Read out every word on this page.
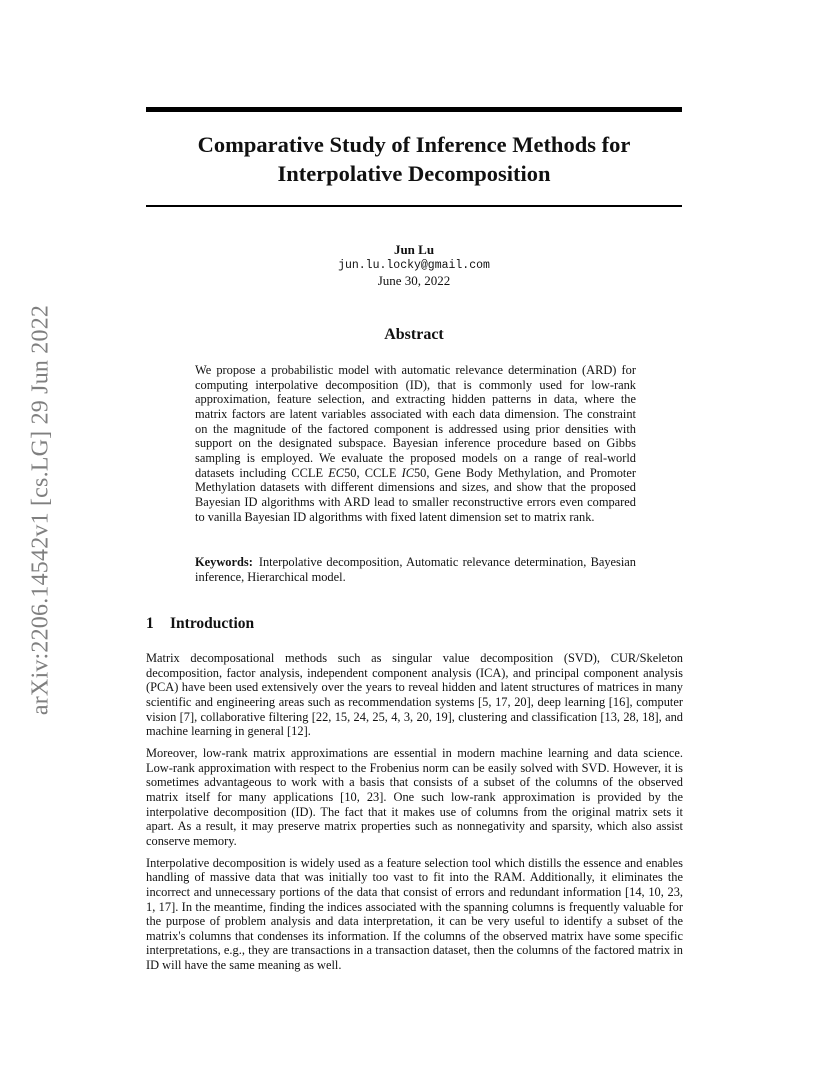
arXiv:2206.14542v1 [cs.LG] 29 Jun 2022
Comparative Study of Inference Methods for
Interpolative Decomposition
Jun Lu
jun.lu.locky@gmail.com
June 30, 2022
Abstract
We propose a probabilistic model with automatic relevance determination (ARD) for computing interpolative decomposition (ID), that is commonly used for low-rank approximation, feature selection, and extracting hidden patterns in data, where the matrix factors are latent variables associated with each data dimension. The constraint on the magnitude of the factored component is addressed using prior densities with support on the designated subspace. Bayesian inference procedure based on Gibbs sampling is employed. We evaluate the proposed models on a range of real-world datasets including CCLE EC50, CCLE IC50, Gene Body Methylation, and Promoter Methylation datasets with different dimensions and sizes, and show that the proposed Bayesian ID algorithms with ARD lead to smaller reconstructive errors even compared to vanilla Bayesian ID algorithms with fixed latent dimension set to matrix rank.
Keywords: Interpolative decomposition, Automatic relevance determination, Bayesian inference, Hierarchical model.
1 Introduction

Matrix decomposational methods such as singular value decomposition (SVD), CUR/Skeleton decomposition, factor analysis, independent component analysis (ICA), and principal component analysis (PCA) have been used extensively over the years to reveal hidden and latent structures of matrices in many scientific and engineering areas such as recommendation systems [5, 17, 20], deep learning [16], computer vision [7], collaborative filtering [22, 15, 24, 25, 4, 3, 20, 19], clustering and classification [13, 28, 18], and machine learning in general [12].

Moreover, low-rank matrix approximations are essential in modern machine learning and data science. Low-rank approximation with respect to the Frobenius norm can be easily solved with SVD. However, it is sometimes advantageous to work with a basis that consists of a subset of the columns of the observed matrix itself for many applications [10, 23]. One such low-rank approximation is provided by the interpolative decomposition (ID). The fact that it makes use of columns from the original matrix sets it apart. As a result, it may preserve matrix properties such as nonnegativity and sparsity, which also assist conserve memory.

Interpolative decomposition is widely used as a feature selection tool which distills the essence and enables handling of massive data that was initially too vast to fit into the RAM. Additionally, it eliminates the incorrect and unnecessary portions of the data that consist of errors and redundant information [14, 10, 23, 1, 17]. In the meantime, finding the indices associated with the spanning columns is frequently valuable for the purpose of problem analysis and data interpretation, it can be very useful to identify a subset of the matrix's columns that condenses its information. If the columns of the observed matrix have some specific interpretations, e.g., they are transactions in a transaction dataset, then the columns of the factored matrix in ID will have the same meaning as well.
